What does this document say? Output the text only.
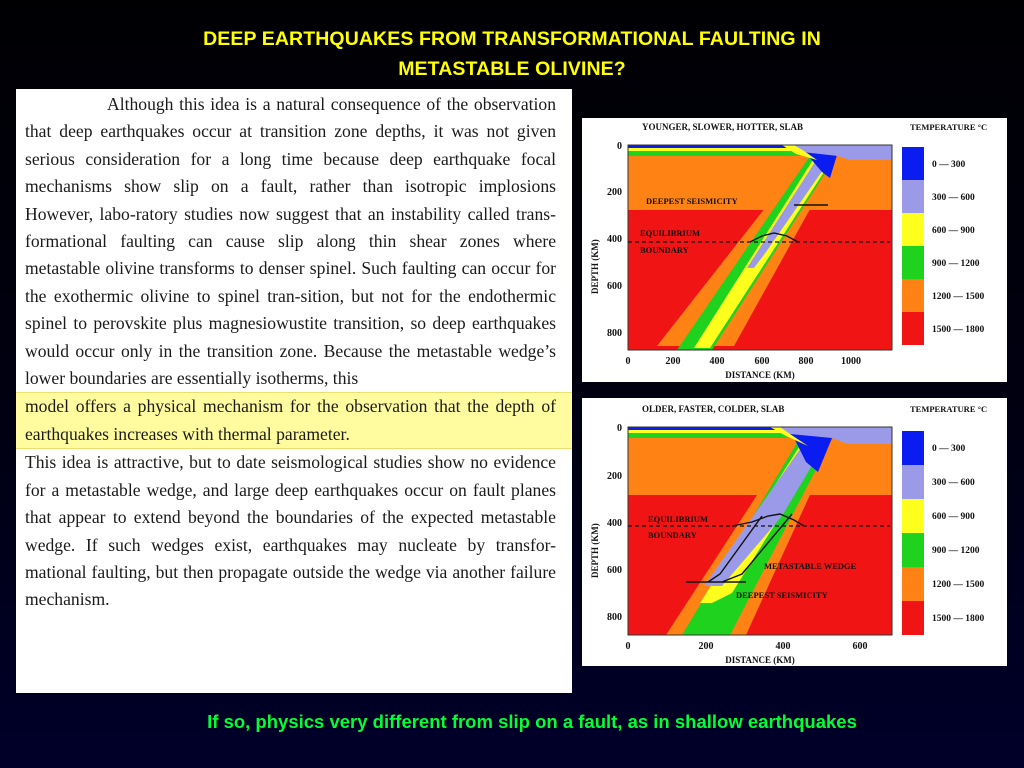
DEEP EARTHQUAKES FROM TRANSFORMATIONAL FAULTING IN
METASTABLE OLIVINE?

Although this idea is a natural consequence of the observation that deep earthquakes occur at transition zone depths, it was not given serious consideration for a long time because deep earthquake focal mechanisms show slip on a fault, rather than isotropic implosions However, labo-ratory studies now suggest that an instability called trans-formational faulting can cause slip along thin shear zones where metastable olivine transforms to denser spinel. Such faulting can occur for the exothermic olivine to spinel tran-sition, but not for the endothermic spinel to perovskite plus magnesiowustite transition, so deep earthquakes would occur only in the transition zone. Because the metastable wedge’s lower boundaries are essentially isotherms, this

model offers a physical mechanism for the observation that the depth of earthquakes increases with thermal parameter.

This idea is attractive, but to date seismological studies show no evidence for a metastable wedge, and large deep earthquakes occur on fault planes that appear to extend beyond the boundaries of the expected metastable wedge. If such wedges exist, earthquakes may nucleate by transfor-mational faulting, but then propagate outside the wedge via another failure mechanism.

YOUNGER, SLOWER, HOTTER, SLAB
DEPTH (KM)
0
200
400
600
800
0	200	400	600	800	1000
DISTANCE (KM)
DEEPEST SEISMICITY
EQUILIBRIUM
BOUNDARY
TEMPERATURE °C
0 — 300
300 — 600
600 — 900
900 — 1200
1200 — 1500
1500 — 1800
OLDER, FASTER, COLDER, SLAB
DEPTH (KM)
0
200
400
600
800
0	200	400	600
DISTANCE (KM)
EQUILIBRIUM
BOUNDARY
METASTABLE WEDGE
DEEPEST SEISMICITY
TEMPERATURE °C
0 — 300
300 — 600
600 — 900
900 — 1200
1200 — 1500
1500 — 1800
If so, physics very different from slip on a fault, as in shallow earthquakes
